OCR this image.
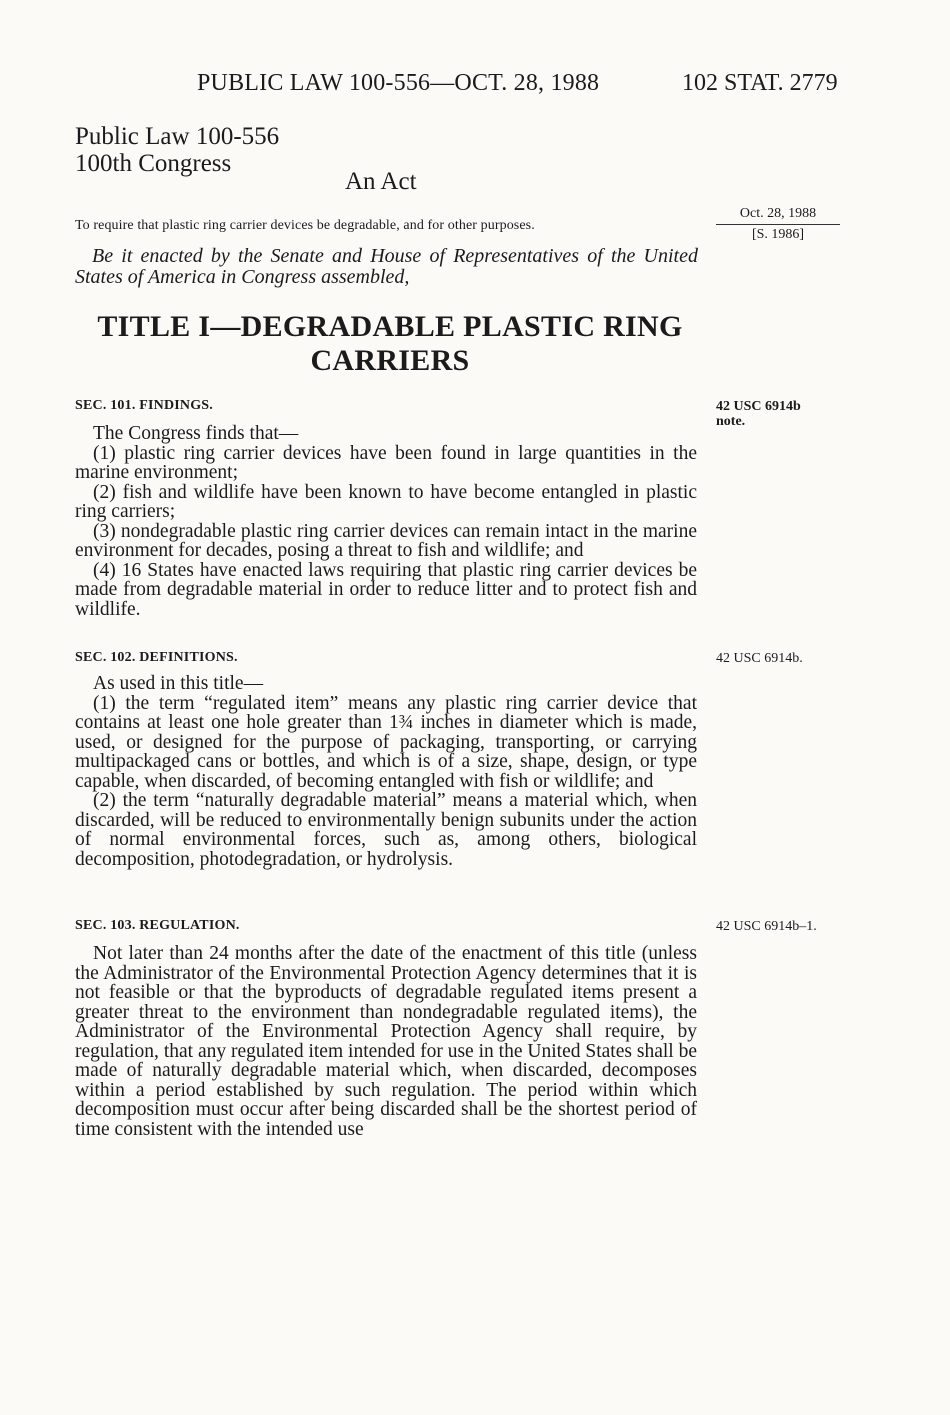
PUBLIC LAW 100-556—OCT. 28, 1988	102 STAT. 2779
Public Law 100-556
100th Congress
An Act
To require that plastic ring carrier devices be degradable, and for other purposes.
Oct. 28, 1988
[S. 1986]
Be it enacted by the Senate and House of Representatives of the United States of America in Congress assembled,
TITLE I—DEGRADABLE PLASTIC RING
CARRIERS
SEC. 101. FINDINGS.	42 USC 6914b
note.

The Congress finds that—

(1) plastic ring carrier devices have been found in large quantities in the marine environment;

(2) fish and wildlife have been known to have become entangled in plastic ring carriers;

(3) nondegradable plastic ring carrier devices can remain intact in the marine environment for decades, posing a threat to fish and wildlife; and

(4) 16 States have enacted laws requiring that plastic ring carrier devices be made from degradable material in order to reduce litter and to protect fish and wildlife.

SEC. 102. DEFINITIONS.	42 USC 6914b.

As used in this title—

(1) the term “regulated item” means any plastic ring carrier device that contains at least one hole greater than 1¾ inches in diameter which is made, used, or designed for the purpose of packaging, transporting, or carrying multipackaged cans or bottles, and which is of a size, shape, design, or type capable, when discarded, of becoming entangled with fish or wildlife; and

(2) the term “naturally degradable material” means a material which, when discarded, will be reduced to environmentally benign subunits under the action of normal environmental forces, such as, among others, biological decomposition, photodegradation, or hydrolysis.

SEC. 103. REGULATION.	42 USC 6914b–1.

Not later than 24 months after the date of the enactment of this title (unless the Administrator of the Environmental Protection Agency determines that it is not feasible or that the byproducts of degradable regulated items present a greater threat to the environment than nondegradable regulated items), the Administrator of the Environmental Protection Agency shall require, by regulation, that any regulated item intended for use in the United States shall be made of naturally degradable material which, when discarded, decomposes within a period established by such regulation. The period within which decomposition must occur after being discarded shall be the shortest period of time consistent with the intended use
